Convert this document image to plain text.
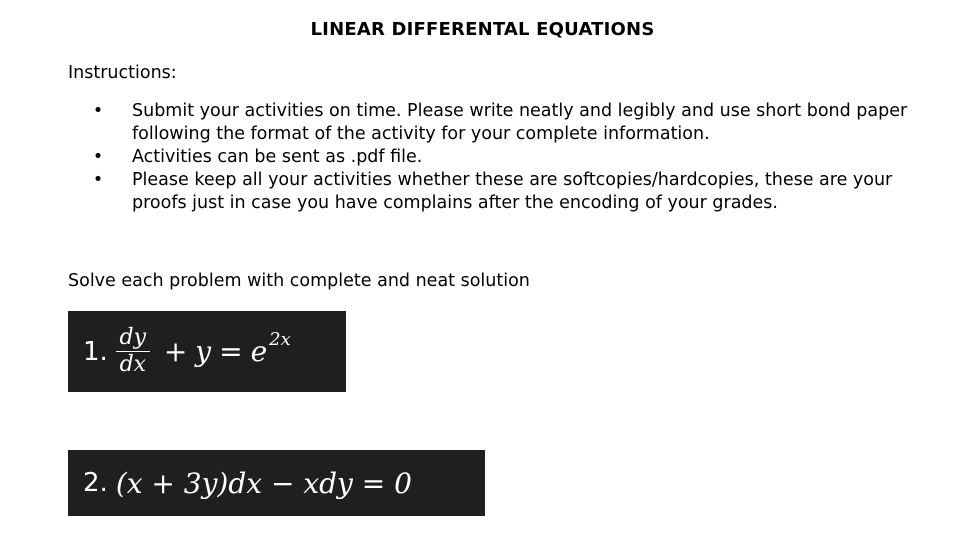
LINEAR DIFFERENTAL EQUATIONS
Instructions:
• Submit your activities on time. Please write neatly and legibly and use short bond paper following the format of the activity for your complete information.
• Activities can be sent as .pdf file.
• Please keep all your activities whether these are softcopies/hardcopies, these are your proofs just in case you have complains after the encoding of your grades.
Solve each problem with complete and neat solution
1. $\frac{dy}{dx} + y = e^{2x}$
2. (x + 3y)dx − xdy = 0
